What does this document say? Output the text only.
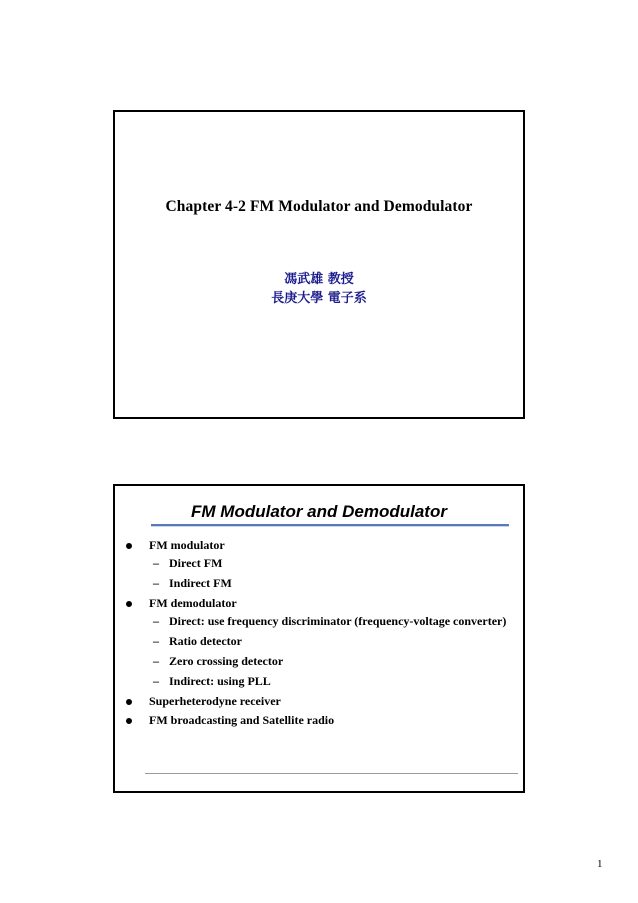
Chapter 4-2 FM Modulator and Demodulator
馮武雄 教授
長庚大學 電子系
FM Modulator and Demodulator
FM modulator
– Direct FM
– Indirect FM
FM demodulator
– Direct: use frequency discriminator (frequency-voltage converter)
– Ratio detector
– Zero crossing detector
– Indirect: using PLL
Superheterodyne receiver
FM broadcasting and Satellite radio
1
